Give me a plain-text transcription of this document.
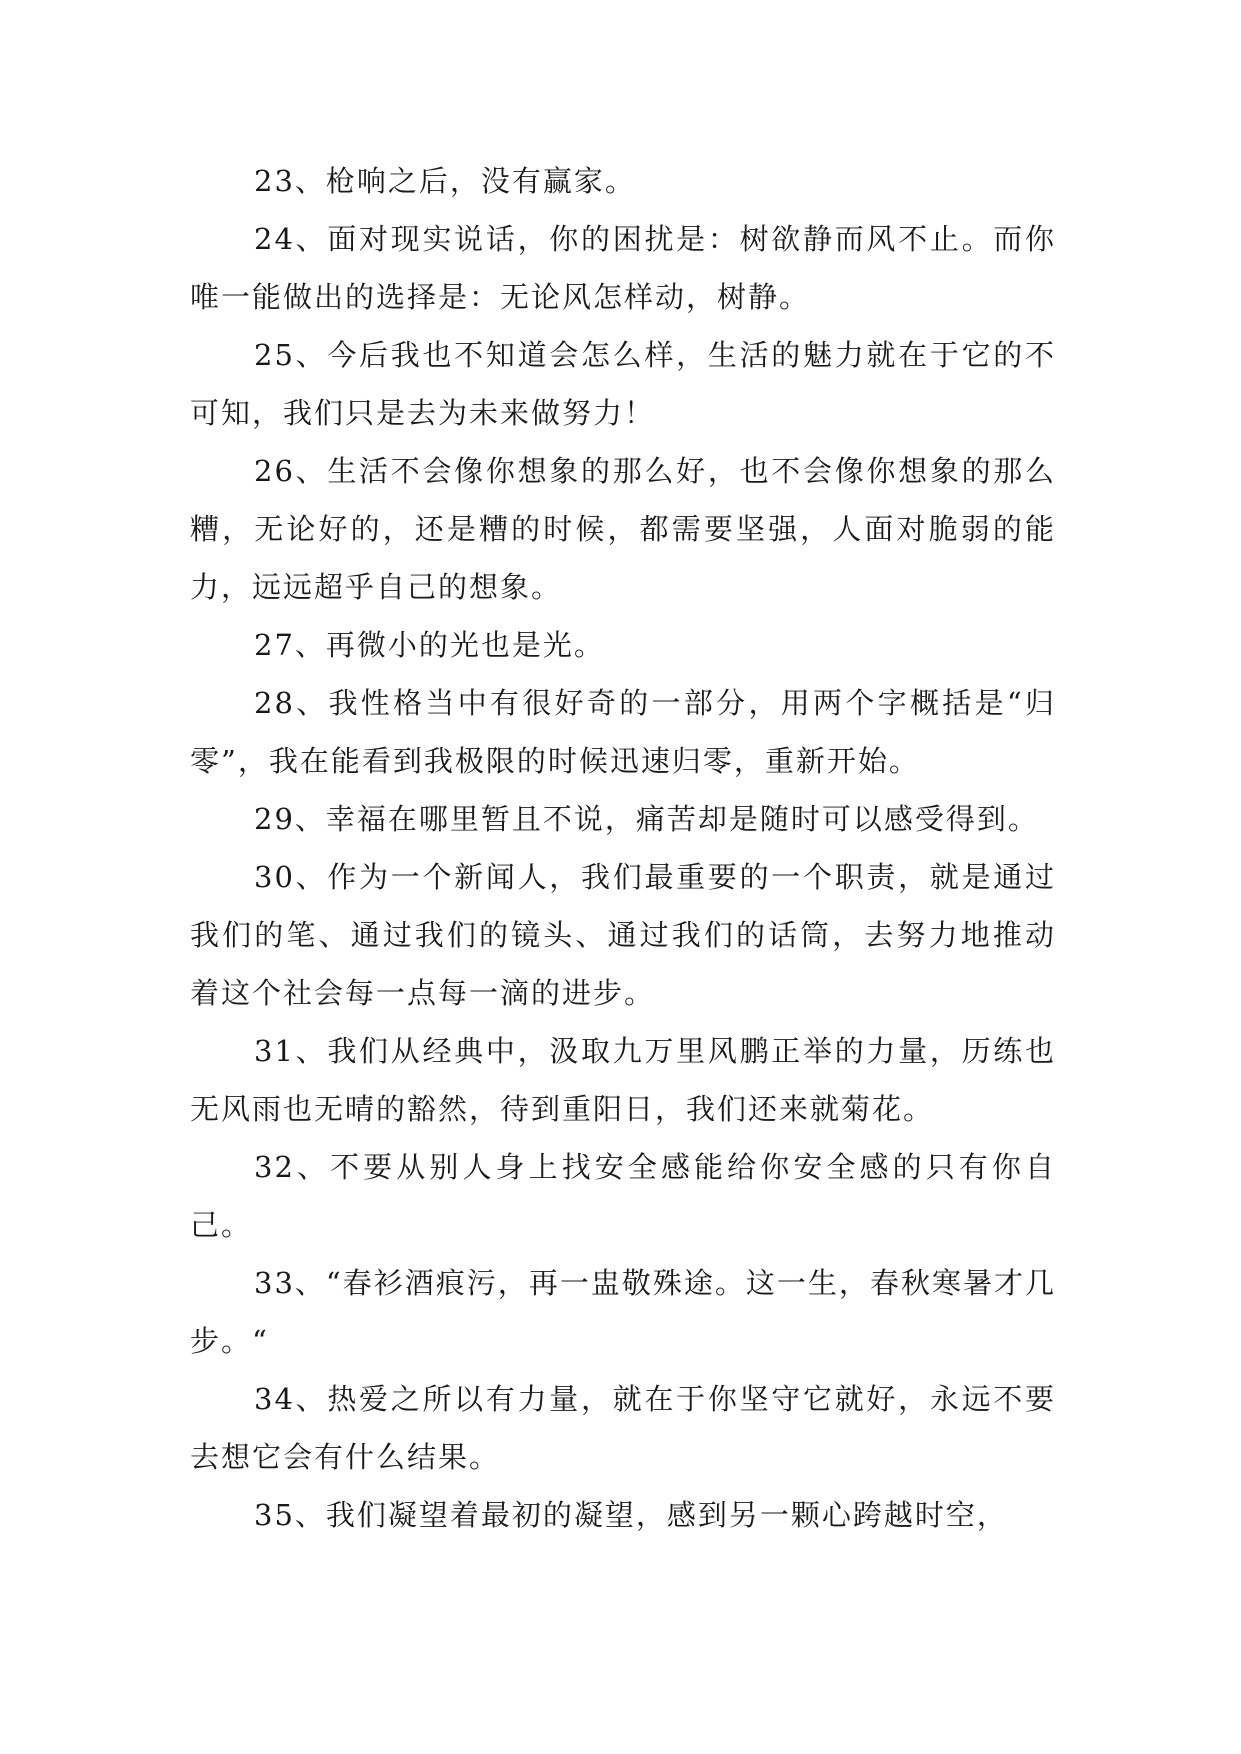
23、枪响之后，没有赢家。

24、面对现实说话，你的困扰是：树欲静而风不止。而你唯一能做出的选择是：无论风怎样动，树静。

25、今后我也不知道会怎么样，生活的魅力就在于它的不可知，我们只是去为未来做努力！

26、生活不会像你想象的那么好，也不会像你想象的那么糟，无论好的，还是糟的时候，都需要坚强，人面对脆弱的能力，远远超乎自己的想象。

27、再微小的光也是光。

28、我性格当中有很好奇的一部分，用两个字概括是“归零”，我在能看到我极限的时候迅速归零，重新开始。

29、幸福在哪里暂且不说，痛苦却是随时可以感受得到。

30、作为一个新闻人，我们最重要的一个职责，就是通过我们的笔、通过我们的镜头、通过我们的话筒，去努力地推动着这个社会每一点每一滴的进步。

31、我们从经典中，汲取九万里风鹏正举的力量，历练也无风雨也无晴的豁然，待到重阳日，我们还来就菊花。

32、不要从别人身上找安全感能给你安全感的只有你自己。

33、“春衫酒痕污，再一盅敬殊途。这一生，春秋寒暑才几步。“

34、热爱之所以有力量，就在于你坚守它就好，永远不要去想它会有什么结果。

35、我们凝望着最初的凝望，感到另一颗心跨越时空，
